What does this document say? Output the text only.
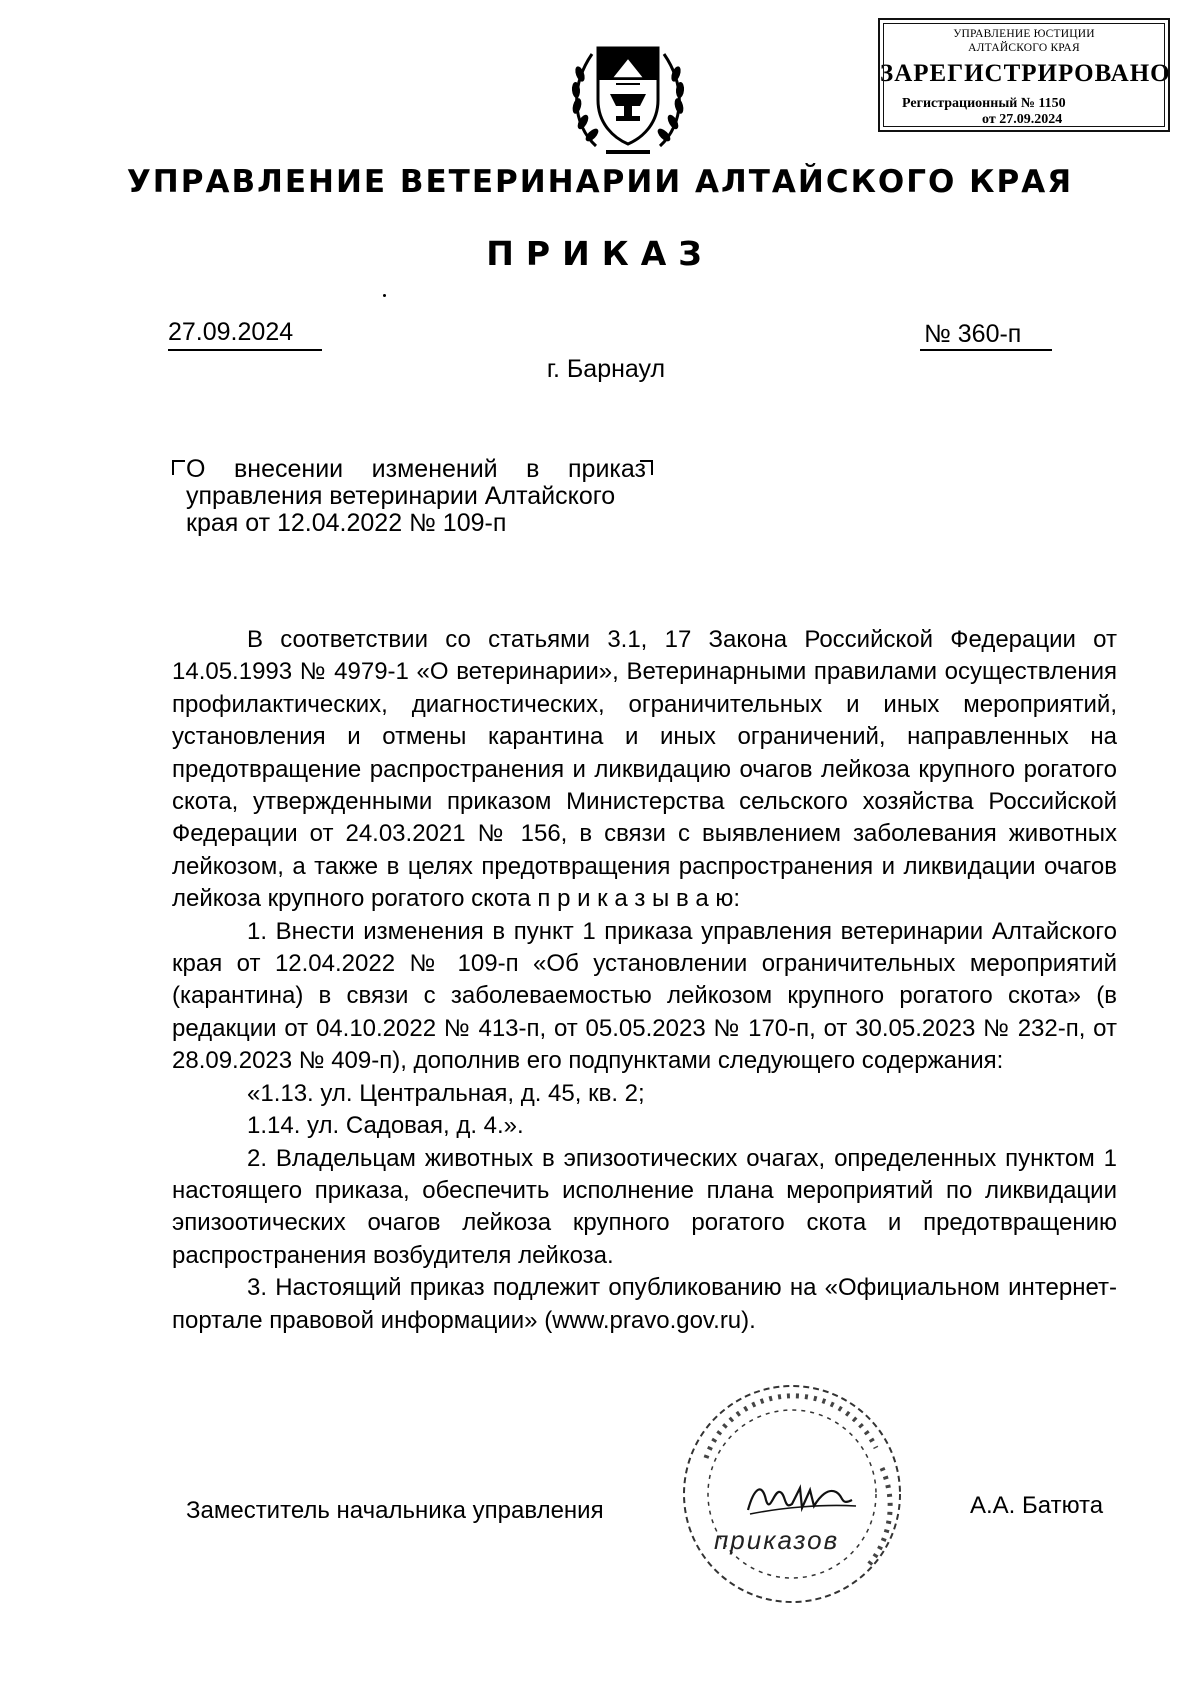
УПРАВЛЕНИЕ ЮСТИЦИИ
АЛТАЙСКОГО КРАЯ
ЗАРЕГИСТРИРОВАНО
Регистрационный № 1150
от 27.09.2024
УПРАВЛЕНИЕ ВЕТЕРИНАРИИ АЛТАЙСКОГО КРАЯ
ПРИКАЗ
27.09.2024	№ 360-п
г. Барнаул
О внесении изменений в приказ
управления ветеринарии Алтайского
края от 12.04.2022 № 109-п

В соответствии со статьями 3.1, 17 Закона Российской Федерации от 14.05.1993 № 4979-1 «О ветеринарии», Ветеринарными правилами осуществления профилактических, диагностических, ограничительных и иных мероприятий, установления и отмены карантина и иных ограничений, направленных на предотвращение распространения и ликвидацию очагов лейкоза крупного рогатого скота, утвержденными приказом Министерства сельского хозяйства Российской Федерации от 24.03.2021 № 156, в связи с выявлением заболевания животных лейкозом, а также в целях предотвращения распространения и ликвидации очагов лейкоза крупного рогатого скота п р и к а з ы в а ю:

1. Внести изменения в пункт 1 приказа управления ветеринарии Алтайского края от 12.04.2022 № 109-п «Об установлении ограничительных мероприятий (карантина) в связи с заболеваемостью лейкозом крупного рогатого скота» (в редакции от 04.10.2022 № 413-п, от 05.05.2023 № 170-п, от 30.05.2023 № 232-п, от 28.09.2023 № 409-п), дополнив его подпунктами следующего содержания:

«1.13. ул. Центральная, д. 45, кв. 2;

1.14. ул. Садовая, д. 4.».

2. Владельцам животных в эпизоотических очагах, определенных пунктом 1 настоящего приказа, обеспечить исполнение плана мероприятий по ликвидации эпизоотических очагов лейкоза крупного рогатого скота и предотвращению распространения возбудителя лейкоза.

3. Настоящий приказ подлежит опубликованию на «Официальном интернет-портале правовой информации» (www.pravo.gov.ru).

приказов
Заместитель начальника управления	А.А. Батюта
